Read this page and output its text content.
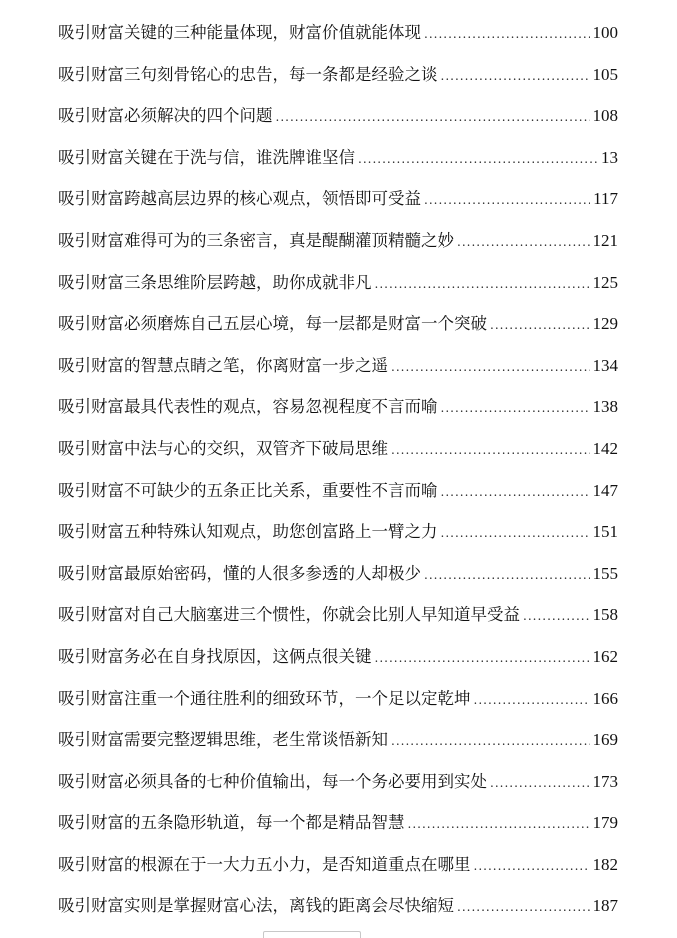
吸引财富关键的三种能量体现，财富价值就能体现 .....	100
吸引财富三句刻骨铭心的忠告，每一条都是经验之谈 .....	105
吸引财富必须解决的四个问题 .....	108
吸引财富关键在于洗与信，谁洗牌谁坚信 .....	13
吸引财富跨越高层边界的核心观点，领悟即可受益 .....	117
吸引财富难得可为的三条密言，真是醍醐灌顶精髓之妙 .....	121
吸引财富三条思维阶层跨越，助你成就非凡 .....	125
吸引财富必须磨炼自己五层心境，每一层都是财富一个突破 .....	129
吸引财富的智慧点睛之笔，你离财富一步之遥 .....	134
吸引财富最具代表性的观点，容易忽视程度不言而喻 .....	138
吸引财富中法与心的交织，双管齐下破局思维 .....	142
吸引财富不可缺少的五条正比关系，重要性不言而喻 .....	147
吸引财富五种特殊认知观点，助您创富路上一臂之力 .....	151
吸引财富最原始密码，懂的人很多参透的人却极少 .....	155
吸引财富对自己大脑塞进三个惯性，你就会比别人早知道早受益 .....	158
吸引财富务必在自身找原因，这俩点很关键 .....	162
吸引财富注重一个通往胜利的细致环节，一个足以定乾坤 .....	166
吸引财富需要完整逻辑思维，老生常谈悟新知 .....	169
吸引财富必须具备的七种价值输出，每一个务必要用到实处 .....	173
吸引财富的五条隐形轨道，每一个都是精品智慧 .....	179
吸引财富的根源在于一大力五小力，是否知道重点在哪里 .....	182
吸引财富实则是掌握财富心法，离钱的距离会尽快缩短 .....	187
